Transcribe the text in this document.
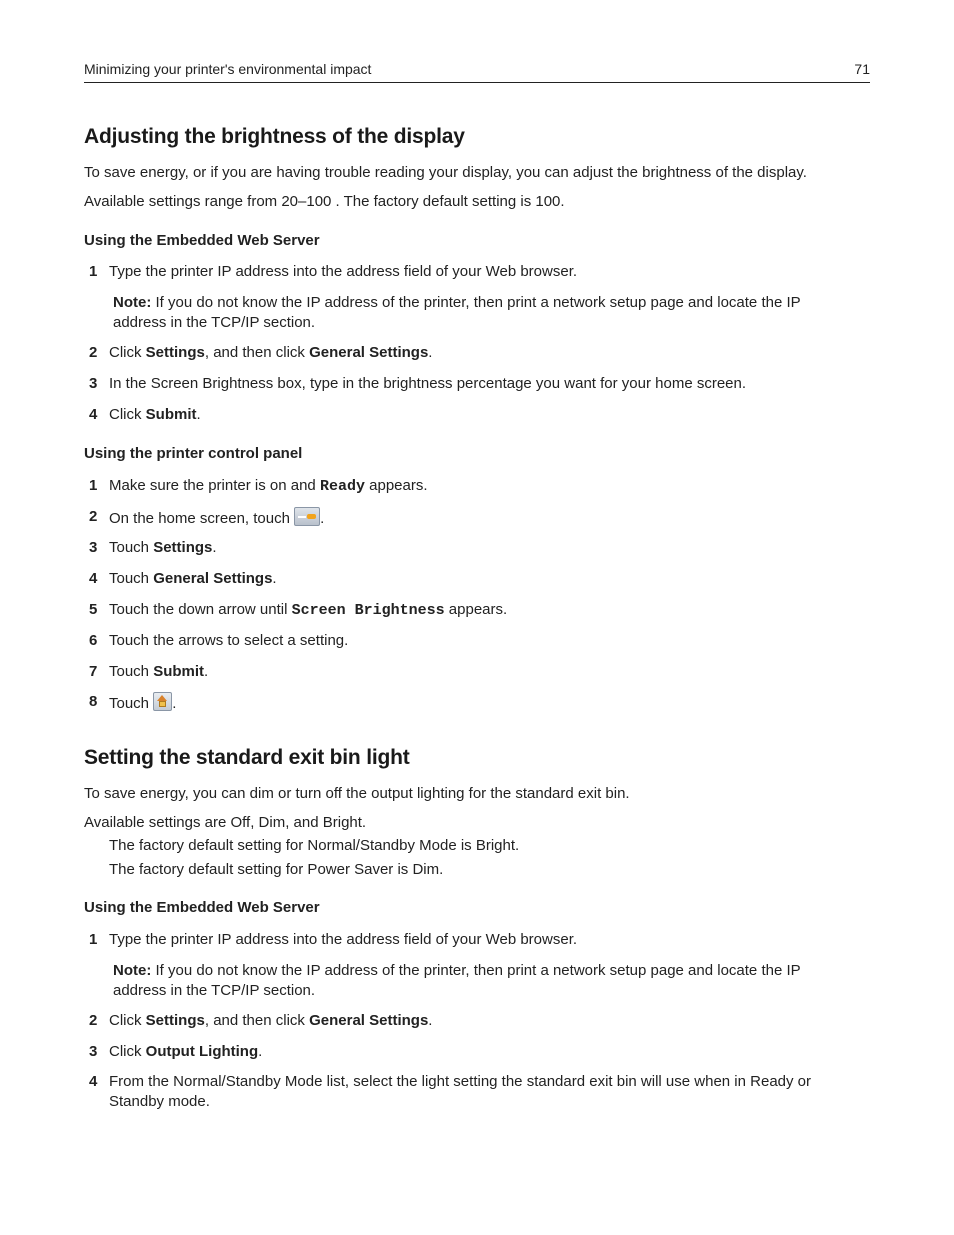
Minimizing your printer's environmental impact	71
Adjusting the brightness of the display
To save energy, or if you are having trouble reading your display, you can adjust the brightness of the display.
Available settings range from 20–100 . The factory default setting is 100.
Using the Embedded Web Server
1 Type the printer IP address into the address field of your Web browser.
Note: If you do not know the IP address of the printer, then print a network setup page and locate the IP address in the TCP/IP section.
2 Click Settings, and then click General Settings.
3 In the Screen Brightness box, type in the brightness percentage you want for your home screen.
4 Click Submit.
Using the printer control panel
1 Make sure the printer is on and Ready appears.
2 On the home screen, touch .
3 Touch Settings.
4 Touch General Settings.
5 Touch the down arrow until Screen Brightness appears.
6 Touch the arrows to select a setting.
7 Touch Submit.
8 Touch .
Setting the standard exit bin light
To save energy, you can dim or turn off the output lighting for the standard exit bin.
Available settings are Off, Dim, and Bright.
The factory default setting for Normal/Standby Mode is Bright.
The factory default setting for Power Saver is Dim.
Using the Embedded Web Server
1 Type the printer IP address into the address field of your Web browser.
Note: If you do not know the IP address of the printer, then print a network setup page and locate the IP address in the TCP/IP section.
2 Click Settings, and then click General Settings.
3 Click Output Lighting.
4 From the Normal/Standby Mode list, select the light setting the standard exit bin will use when in Ready or Standby mode.
